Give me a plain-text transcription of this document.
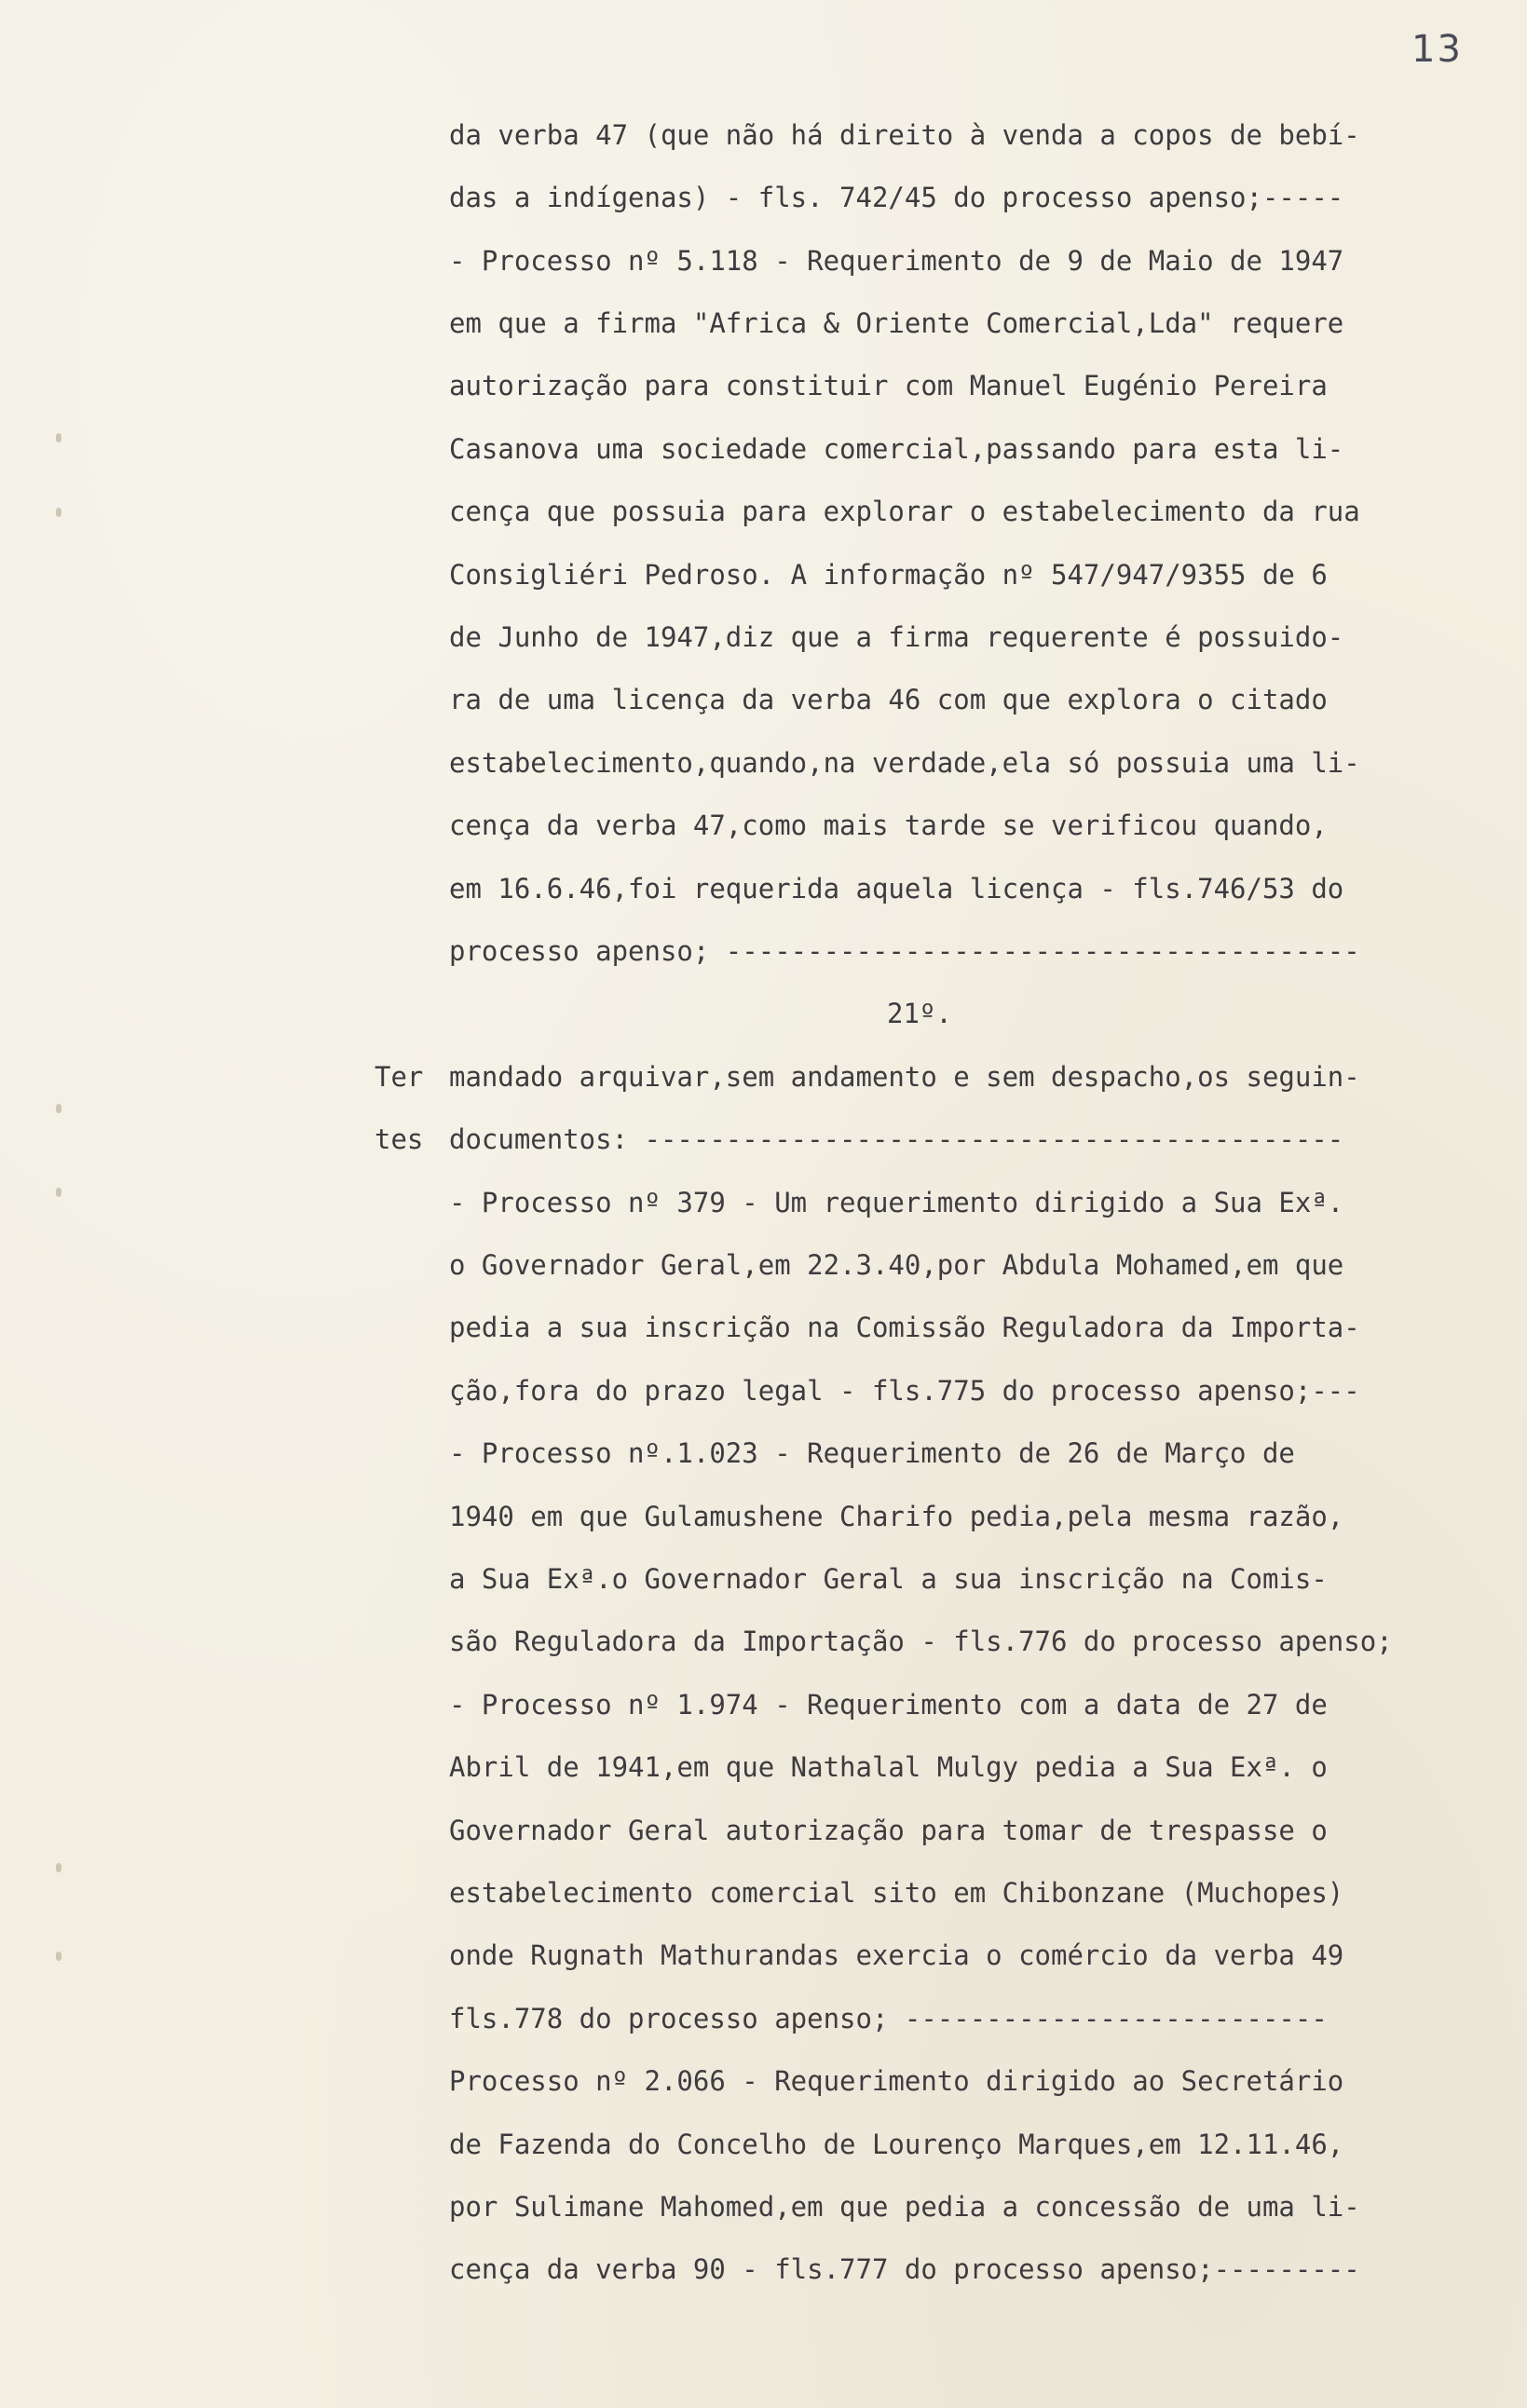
13
da verba 47 (que não há direito à venda a copos de bebí-
das a indígenas) - fls. 742/45 do processo apenso;-----
- Processo nº 5.118 - Requerimento de 9 de Maio de 1947
em que a firma "Africa & Oriente Comercial,Lda" requere
autorização para constituir com Manuel Eugénio Pereira
Casanova uma sociedade comercial,passando para esta li-
cença que possuia para explorar o estabelecimento da rua
Consigliéri Pedroso. A informação nº 547/947/9355 de 6
de Junho de 1947,diz que a firma requerente é possuido-
ra de uma licença da verba 46 com que explora o citado
estabelecimento,quando,na verdade,ela só possuia uma li-
cença da verba 47,como mais tarde se verificou quando,
em 16.6.46,foi requerida aquela licença - fls.746/53 do
processo apenso; ---------------------------------------
21º.
Ter
tes
mandado arquivar,sem andamento e sem despacho,os seguin-
documentos: -------------------------------------------
- Processo nº 379 - Um requerimento dirigido a Sua Exª.
o Governador Geral,em 22.3.40,por Abdula Mohamed,em que
pedia a sua inscrição na Comissão Reguladora da Importa-
ção,fora do prazo legal - fls.775 do processo apenso;---
- Processo nº.1.023 - Requerimento de 26 de Março de
1940 em que Gulamushene Charifo pedia,pela mesma razão,
a Sua Exª.o Governador Geral a sua inscrição na Comis-
são Reguladora da Importação - fls.776 do processo apenso;
- Processo nº 1.974 - Requerimento com a data de 27 de
Abril de 1941,em que Nathalal Mulgy pedia a Sua Exª. o
Governador Geral autorização para tomar de trespasse o
estabelecimento comercial sito em Chibonzane (Muchopes)
onde Rugnath Mathurandas exercia o comércio da verba 49
fls.778 do processo apenso; --------------------------
Processo nº 2.066 - Requerimento dirigido ao Secretário
de Fazenda do Concelho de Lourenço Marques,em 12.11.46,
por Sulimane Mahomed,em que pedia a concessão de uma li-
cença da verba 90 - fls.777 do processo apenso;---------
